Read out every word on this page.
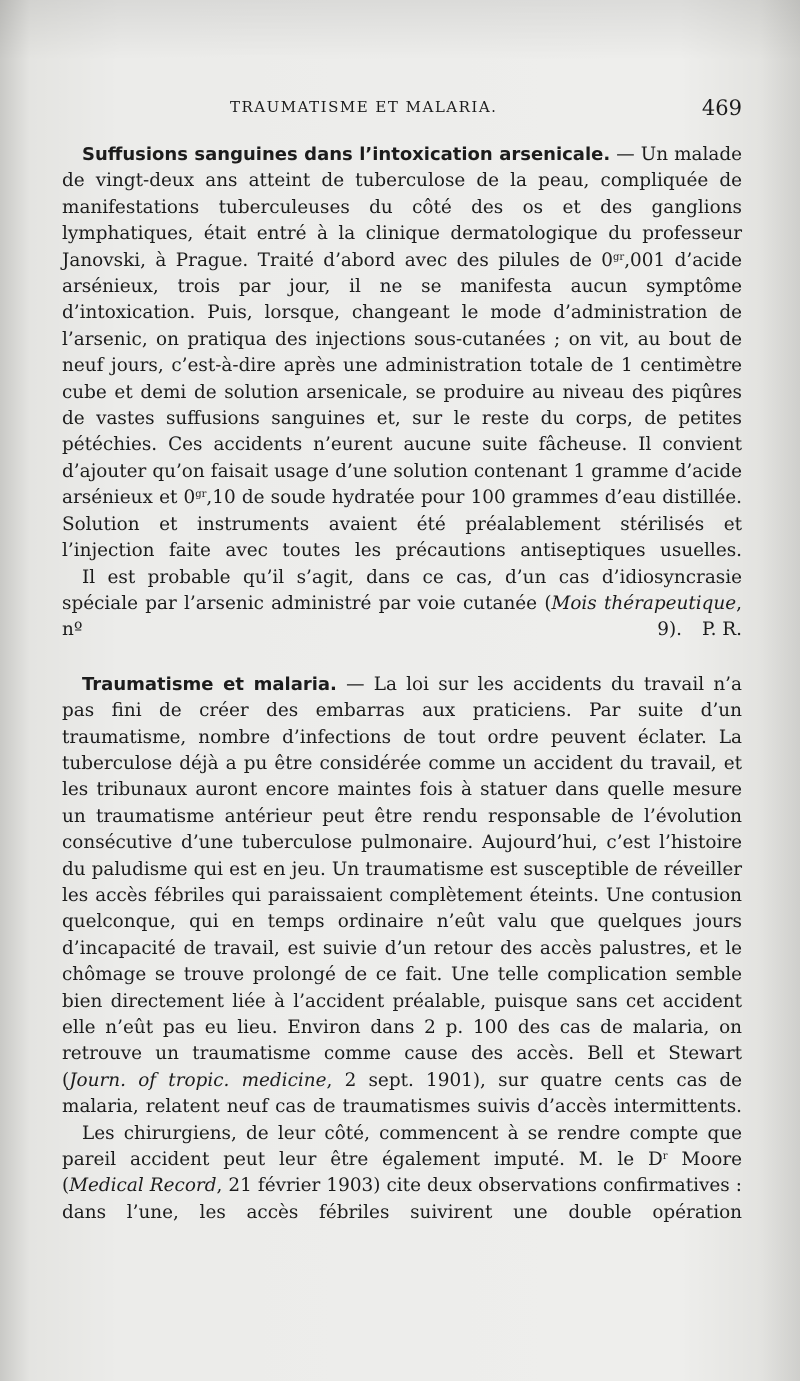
TRAUMATISME ET MALARIA.	469

Suffusions sanguines dans l’intoxication arsenicale. — Un malade de vingt-deux ans atteint de tuberculose de la peau, compliquée de manifestations tuberculeuses du côté des os et des ganglions lymphatiques, était entré à la clinique dermatologique du professeur Janovski, à Prague. Traité d’abord avec des pilules de $0^{gr},001$ d’acide arsénieux, trois par jour, il ne se manifesta aucun symptôme d’intoxication. Puis, lorsque, changeant le mode d’administration de l’arsenic, on pratiqua des injections sous-cutanées ; on vit, au bout de neuf jours, c’est-à-dire après une administration totale de 1 centimètre cube et demi de solution arsenicale, se produire au niveau des piqûres de vastes suffusions sanguines et, sur le reste du corps, de petites pétéchies. Ces accidents n’eurent aucune suite fâcheuse. Il convient d’ajouter qu’on faisait usage d’une solution contenant 1 gramme d’acide arsénieux et $0^{gr},10$ de soude hydratée pour 100 grammes d’eau distillée. Solution et instruments avaient été préalablement stérilisés et l’injection faite avec toutes les précautions antiseptiques usuelles.

Il est probable qu’il s’agit, dans ce cas, d’un cas d’idiosyncrasie spéciale par l’arsenic administré par voie cutanée (Mois thérapeutique, nº 9).	P. R.

Traumatisme et malaria. — La loi sur les accidents du travail n’a pas fini de créer des embarras aux praticiens. Par suite d’un traumatisme, nombre d’infections de tout ordre peuvent éclater. La tuberculose déjà a pu être considérée comme un accident du travail, et les tribunaux auront encore maintes fois à statuer dans quelle mesure un traumatisme antérieur peut être rendu responsable de l’évolution consécutive d’une tuberculose pulmonaire. Aujourd’hui, c’est l’histoire du paludisme qui est en jeu. Un traumatisme est susceptible de réveiller les accès fébriles qui paraissaient complètement éteints. Une contusion quelconque, qui en temps ordinaire n’eût valu que quelques jours d’incapacité de travail, est suivie d’un retour des accès palustres, et le chômage se trouve prolongé de ce fait. Une telle complication semble bien directement liée à l’accident préalable, puisque sans cet accident elle n’eût pas eu lieu. Environ dans 2 p. 100 des cas de malaria, on retrouve un traumatisme comme cause des accès. Bell et Stewart (Journ. of tropic. medicine, 2 sept. 1901), sur quatre cents cas de malaria, relatent neuf cas de traumatismes suivis d’accès intermittents.

Les chirurgiens, de leur côté, commencent à se rendre compte que pareil accident peut leur être également imputé. M. le $D^r$ Moore (Medical Record, 21 février 1903) cite deux observations confirmatives : dans l’une, les accès fébriles suivirent une double opération
